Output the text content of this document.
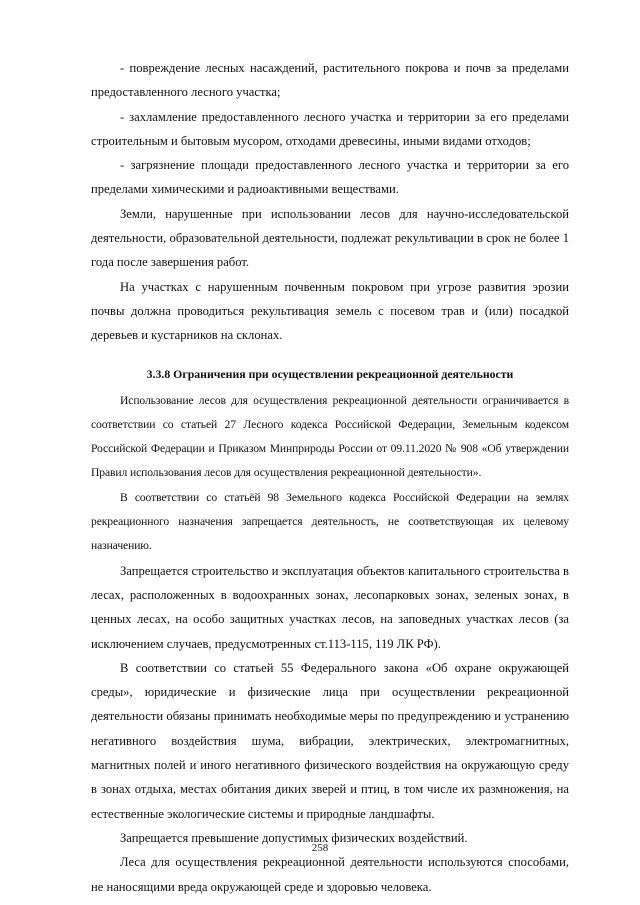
- повреждение лесных насаждений, растительного покрова и почв за пределами предоставленного лесного участка;

- захламление предоставленного лесного участка и территории за его пределами строительным и бытовым мусором, отходами древесины, иными видами отходов;

- загрязнение площади предоставленного лесного участка и территории за его пределами химическими и радиоактивными веществами.

Земли, нарушенные при использовании лесов для научно-исследовательской деятельности, образовательной деятельности, подлежат рекультивации в срок не более 1 года после завершения работ.

На участках с нарушенным почвенным покровом при угрозе развития эрозии почвы должна проводиться рекультивация земель с посевом трав и (или) посадкой деревьев и кустарников на склонах.

3.3.8 Ограничения при осуществлении рекреационной деятельности

Использование лесов для осуществления рекреационной деятельности ограничивается в соответствии со статьей 27 Лесного кодекса Российской Федерации, Земельным кодексом Российской Федерации и Приказом Минприроды России от 09.11.2020 № 908 «Об утверждении Правил использования лесов для осуществления рекреационной деятельности».

В соответствии со статьёй 98 Земельного кодекса Российской Федерации на землях рекреационного назначения запрещается деятельность, не соответствующая их целевому назначению.

Запрещается строительство и эксплуатация объектов капитального строительства в лесах, расположенных в водоохранных зонах, лесопарковых зонах, зеленых зонах, в ценных лесах, на особо защитных участках лесов, на заповедных участках лесов (за исключением случаев, предусмотренных ст.113-115, 119 ЛК РФ).

В соответствии со статьей 55 Федерального закона «Об охране окружающей среды», юридические и физические лица при осуществлении рекреационной деятельности обязаны принимать необходимые меры по предупреждению и устранению негативного воздействия шума, вибрации, электрических, электромагнитных, магнитных полей и иного негативного физического воздействия на окружающую среду в зонах отдыха, местах обитания диких зверей и птиц, в том числе их размножения, на естественные экологические системы и природные ландшафты.

Запрещается превышение допустимых физических воздействий.

Леса для осуществления рекреационной деятельности используются способами, не наносящими вреда окружающей среде и здоровью человека.

258
